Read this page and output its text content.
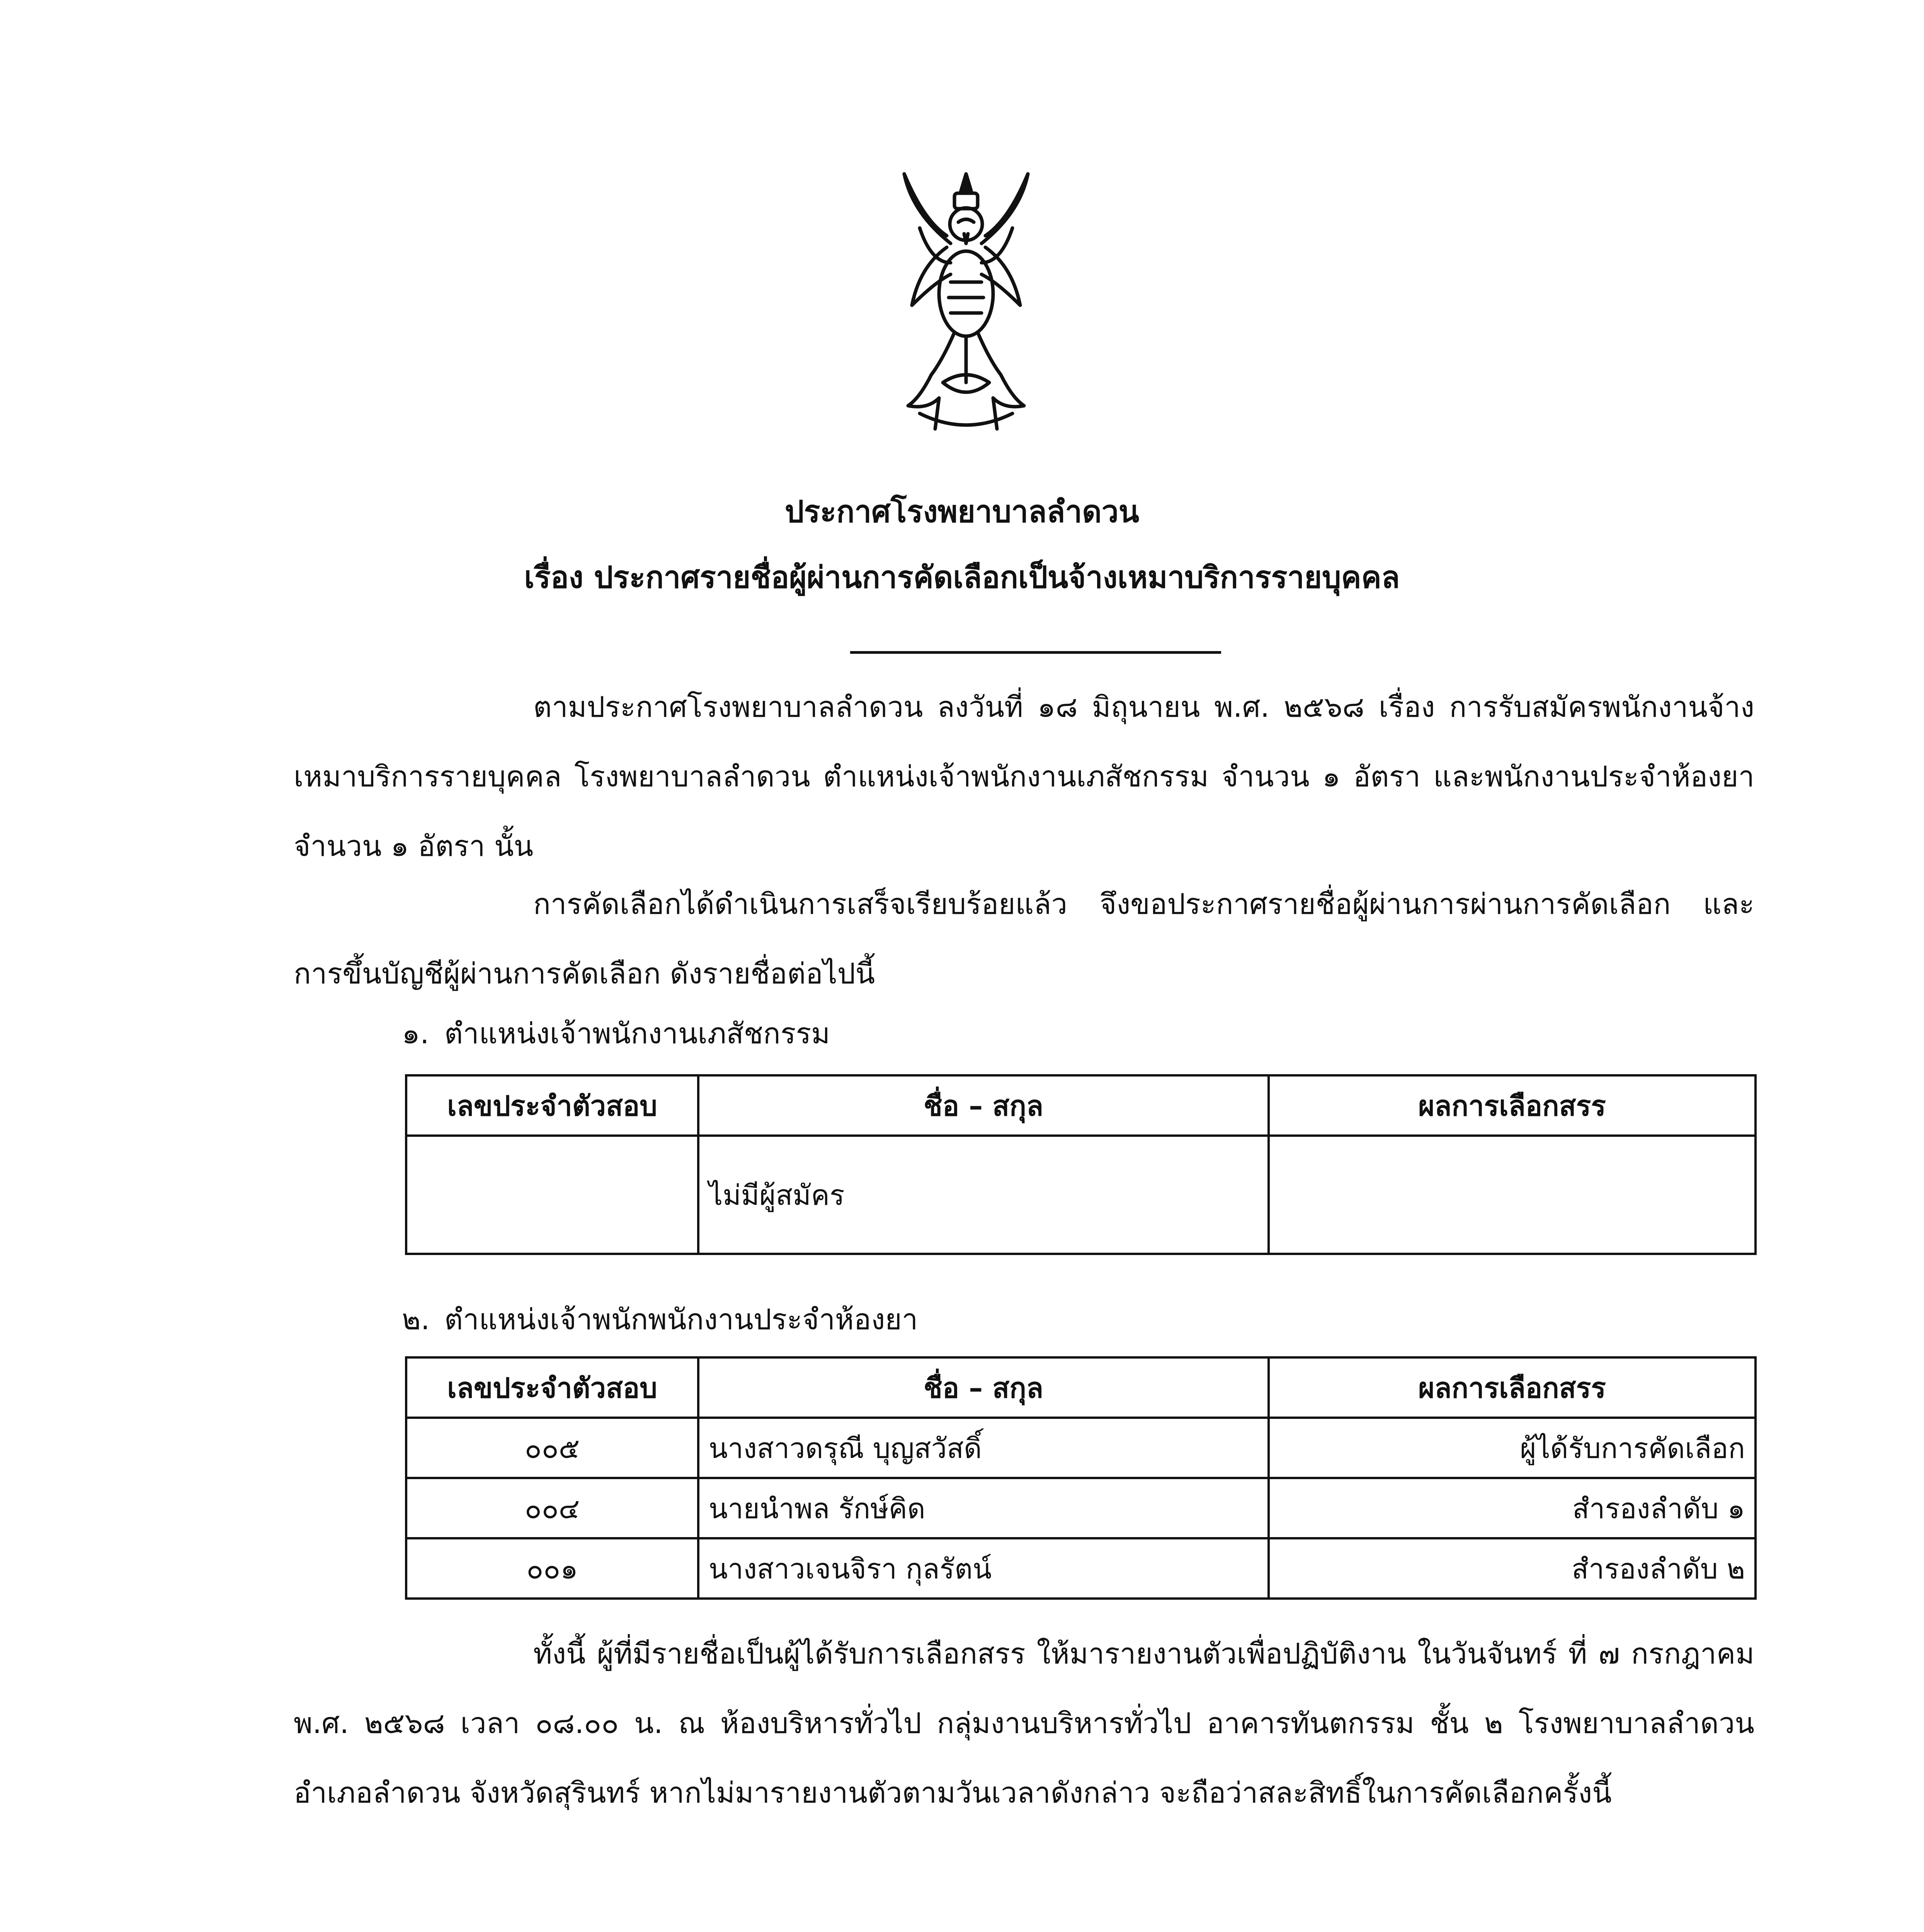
ประกาศโรงพยาบาลลำดวน
เรื่อง ประกาศรายชื่อผู้ผ่านการคัดเลือกเป็นจ้างเหมาบริการรายบุคคล
ตามประกาศโรงพยาบาลลำดวน ลงวันที่ ๑๘ มิถุนายน พ.ศ. ๒๕๖๘ เรื่อง การรับสมัครพนักงานจ้างเหมาบริการรายบุคคล โรงพยาบาลลำดวน ตำแหน่งเจ้าพนักงานเภสัชกรรม จำนวน ๑ อัตรา และพนักงานประจำห้องยา จำนวน ๑ อัตรา นั้น
การคัดเลือกได้ดำเนินการเสร็จเรียบร้อยแล้ว จึงขอประกาศรายชื่อผู้ผ่านการผ่านการคัดเลือก และการขึ้นบัญชีผู้ผ่านการคัดเลือก ดังรายชื่อต่อไปนี้
๑. ตำแหน่งเจ้าพนักงานเภสัชกรรม
เลขประจำตัวสอบ	ชื่อ – สกุล	ผลการเลือกสรร
	ไม่มีผู้สมัคร	
๒. ตำแหน่งเจ้าพนักพนักงานประจำห้องยา
เลขประจำตัวสอบ	ชื่อ – สกุล	ผลการเลือกสรร
๐๐๕	นางสาวดรุณี บุญสวัสดิ์	ผู้ได้รับการคัดเลือก
๐๐๔	นายนำพล รักษ์คิด	สำรองลำดับ ๑
๐๐๑	นางสาวเจนจิรา กุลรัตน์	สำรองลำดับ ๒
ทั้งนี้ ผู้ที่มีรายชื่อเป็นผู้ได้รับการเลือกสรร ให้มารายงานตัวเพื่อปฏิบัติงาน ในวันจันทร์ ที่ ๗ กรกฎาคม พ.ศ. ๒๕๖๘ เวลา ๐๘.๐๐ น. ณ ห้องบริหารทั่วไป กลุ่มงานบริหารทั่วไป อาคารทันตกรรม ชั้น ๒ โรงพยาบาลลำดวน อำเภอลำดวน จังหวัดสุรินทร์ หากไม่มารายงานตัวตามวันเวลาดังกล่าว จะถือว่าสละสิทธิ์ในการคัดเลือกครั้งนี้
